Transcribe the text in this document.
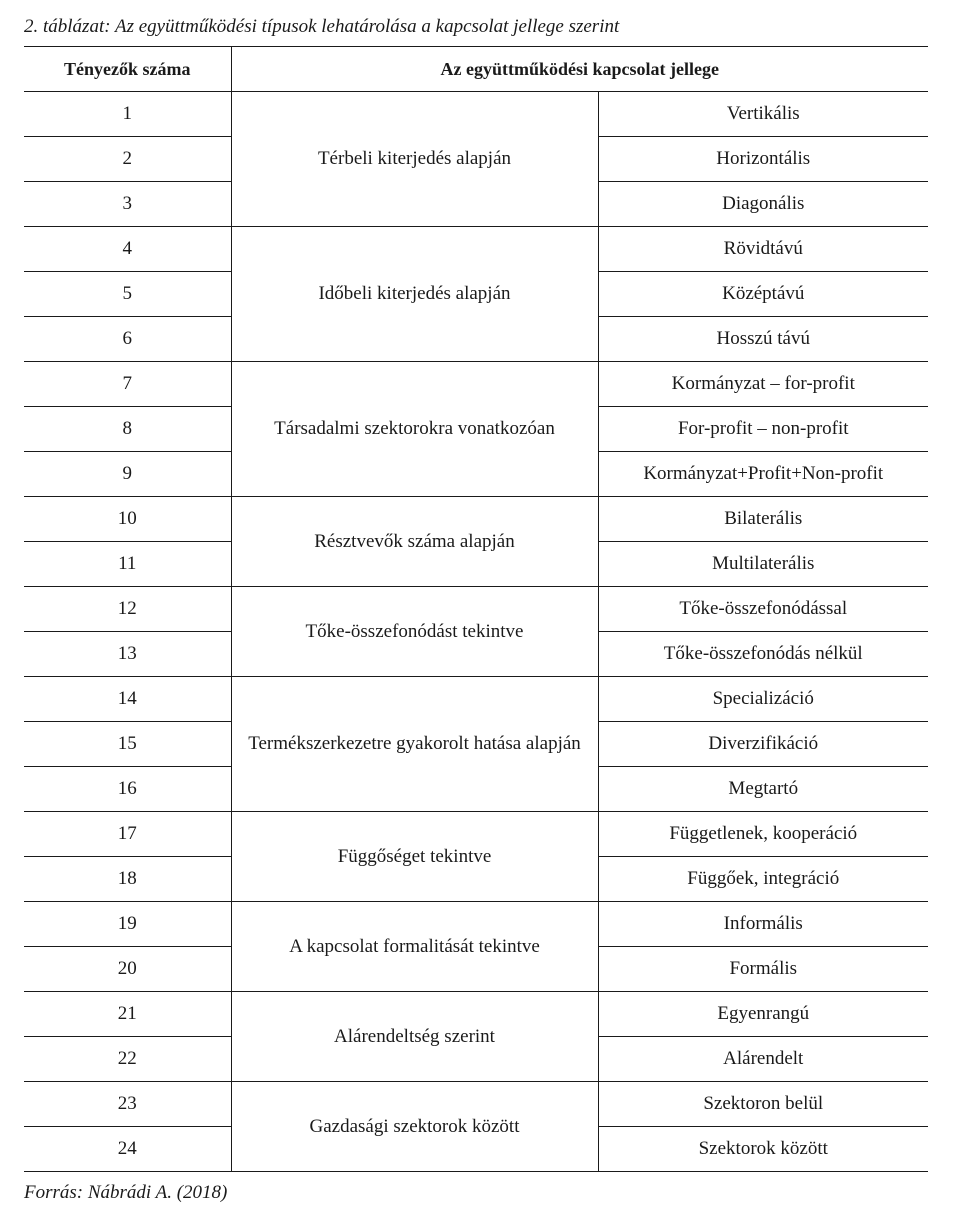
2. táblázat: Az együttműködési típusok lehatárolása a kapcsolat jellege szerint
Tényezők száma	Az együttműködési kapcsolat jellege	
1	Térbeli kiterjedés alapján	Vertikális
2		Horizontális
3		Diagonális
4	Időbeli kiterjedés alapján	Rövidtávú
5		Középtávú
6		Hosszú távú
7	Társadalmi szektorokra vonatkozóan	Kormányzat – for-profit
8		For-profit – non-profit
9		Kormányzat+Profit+Non-profit
10	Résztvevők száma alapján	Bilaterális
11		Multilaterális
12	Tőke-összefonódást tekintve	Tőke-összefonódással
13		Tőke-összefonódás nélkül
14	Termékszerkezetre gyakorolt hatása alapján	Specializáció
15		Diverzifikáció
16		Megtartó
17	Függőséget tekintve	Függetlenek, kooperáció
18		Függőek, integráció
19	A kapcsolat formalitását tekintve	Informális
20		Formális
21	Alárendeltség szerint	Egyenrangú
22		Alárendelt
23	Gazdasági szektorok között	Szektoron belül
24		Szektorok között
Forrás: Nábrádi A. (2018)
